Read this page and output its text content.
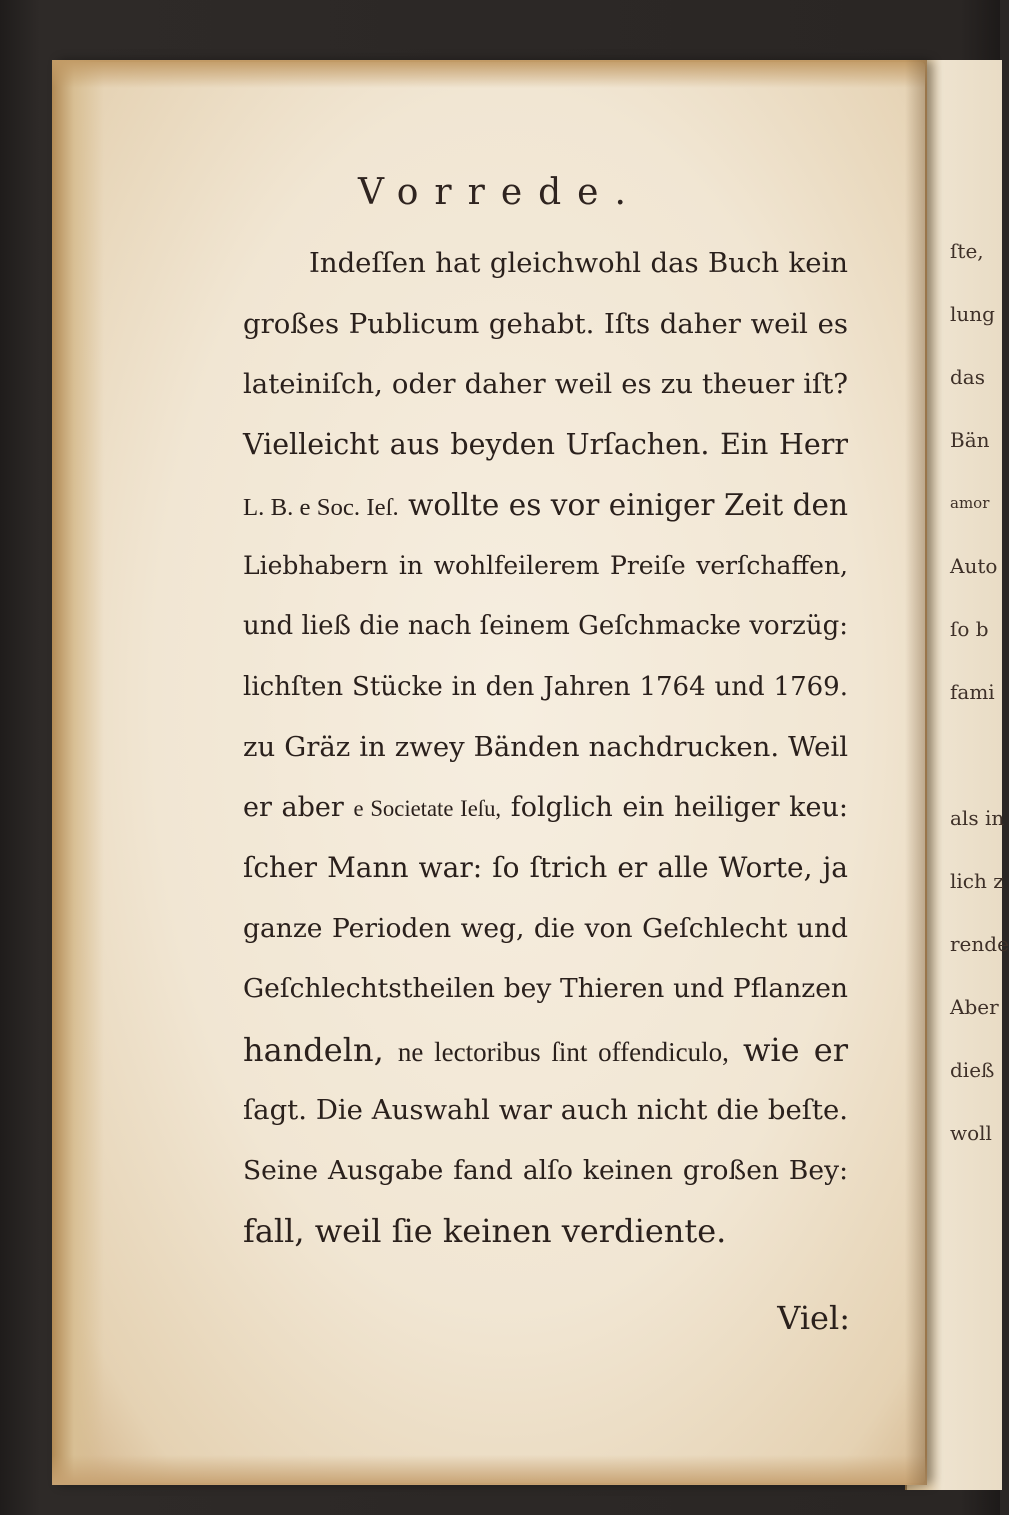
ſte,
lung
das
Bän
amor
Auto
ſo b
fami
als in
lich z
rende
Aber
dieß
woll
Vorrede.
Indeſſen hat gleichwohl das Buch kein
großes Publicum gehabt. Iſts daher weil es
lateiniſch, oder daher weil es zu theuer iſt?
Vielleicht aus beyden Urſachen. Ein Herr
L. B. e Soc. Ieſ. wollte es vor einiger Zeit den
Liebhabern in wohlfeilerem Preiſe verſchaffen,
und ließ die nach ſeinem Geſchmacke vorzüg:
lichſten Stücke in den Jahren 1764 und 1769.
zu Gräz in zwey Bänden nachdrucken. Weil
er aber e Societate Ieſu, folglich ein heiliger keu:
ſcher Mann war: ſo ſtrich er alle Worte, ja
ganze Perioden weg, die von Geſchlecht und
Geſchlechtstheilen bey Thieren und Pflanzen
handeln, ne lectoribus ſint offendiculo, wie er
ſagt. Die Auswahl war auch nicht die beſte.
Seine Ausgabe fand alſo keinen großen Bey:
fall, weil ſie keinen verdiente.
Viel:
